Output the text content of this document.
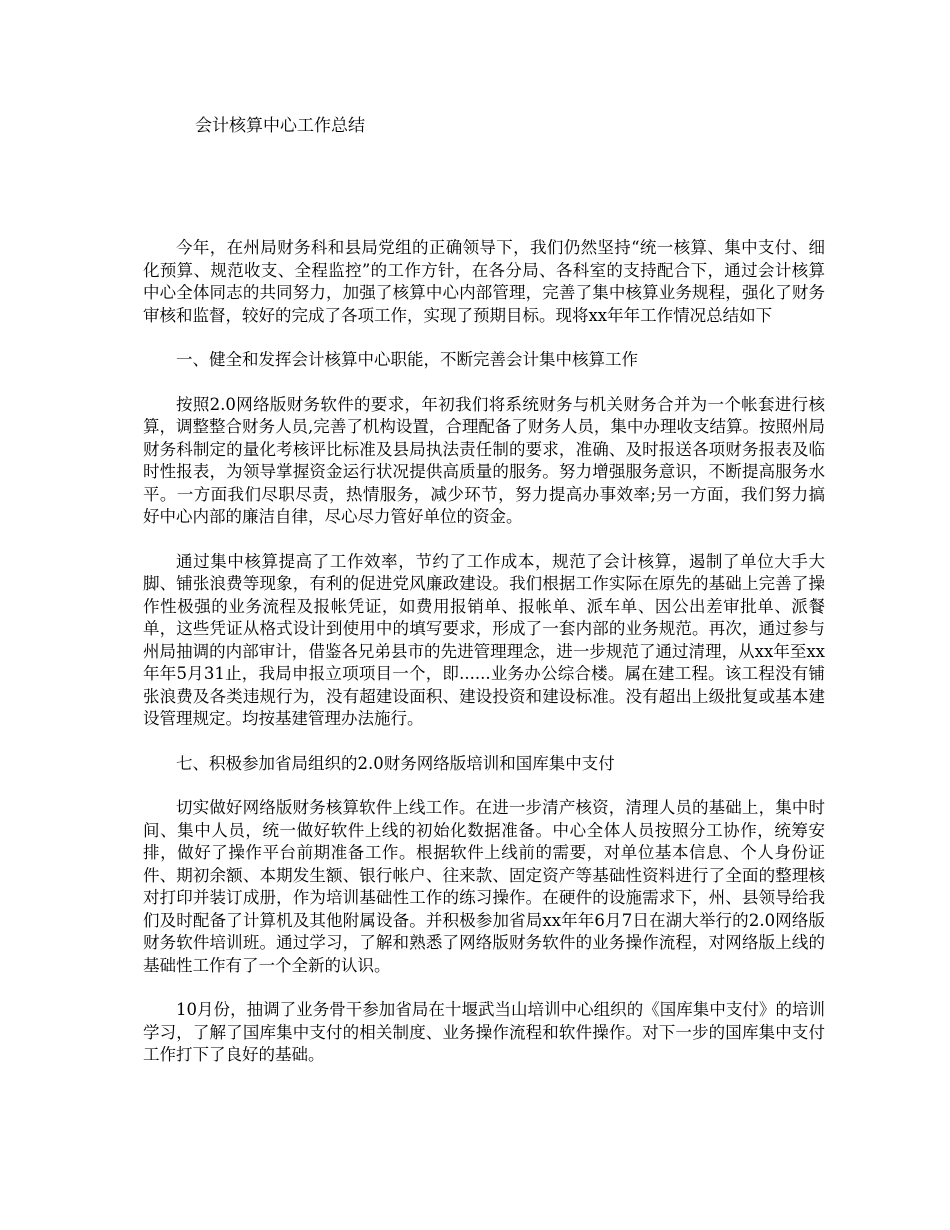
会计核算中心工作总结

今年，在州局财务科和县局党组的正确领导下，我们仍然坚持“统一核算、集中支付、细化预算、规范收支、全程监控”的工作方针，在各分局、各科室的支持配合下，通过会计核算中心全体同志的共同努力，加强了核算中心内部管理，完善了集中核算业务规程，强化了财务审核和监督，较好的完成了各项工作，实现了预期目标。现将xx年年工作情况总结如下

一、健全和发挥会计核算中心职能，不断完善会计集中核算工作

按照2.0网络版财务软件的要求，年初我们将系统财务与机关财务合并为一个帐套进行核算，调整整合财务人员,完善了机构设置，合理配备了财务人员，集中办理收支结算。按照州局财务科制定的量化考核评比标准及县局执法责任制的要求，准确、及时报送各项财务报表及临时性报表，为领导掌握资金运行状况提供高质量的服务。努力增强服务意识，不断提高服务水平。一方面我们尽职尽责，热情服务，减少环节，努力提高办事效率;另一方面，我们努力搞好中心内部的廉洁自律，尽心尽力管好单位的资金。

通过集中核算提高了工作效率，节约了工作成本，规范了会计核算，遏制了单位大手大脚、铺张浪费等现象，有利的促进党风廉政建设。我们根据工作实际在原先的基础上完善了操作性极强的业务流程及报帐凭证，如费用报销单、报帐单、派车单、因公出差审批单、派餐单，这些凭证从格式设计到使用中的填写要求，形成了一套内部的业务规范。再次，通过参与州局抽调的内部审计，借鉴各兄弟县市的先进管理理念，进一步规范了通过清理，从xx年至xx年年5月31止，我局申报立项项目一个，即......业务办公综合楼。属在建工程。该工程没有铺张浪费及各类违规行为，没有超建设面积、建设投资和建设标准。没有超出上级批复或基本建设管理规定。均按基建管理办法施行。

七、积极参加省局组织的2.0财务网络版培训和国库集中支付

切实做好网络版财务核算软件上线工作。在进一步清产核资，清理人员的基础上，集中时间、集中人员，统一做好软件上线的初始化数据准备。中心全体人员按照分工协作，统筹安排，做好了操作平台前期准备工作。根据软件上线前的需要，对单位基本信息、个人身份证件、期初余额、本期发生额、银行帐户、往来款、固定资产等基础性资料进行了全面的整理核对打印并装订成册，作为培训基础性工作的练习操作。在硬件的设施需求下，州、县领导给我们及时配备了计算机及其他附属设备。并积极参加省局xx年年6月7日在湖大举行的2.0网络版财务软件培训班。通过学习，了解和熟悉了网络版财务软件的业务操作流程，对网络版上线的基础性工作有了一个全新的认识。

10月份，抽调了业务骨干参加省局在十堰武当山培训中心组织的《国库集中支付》的培训学习，了解了国库集中支付的相关制度、业务操作流程和软件操作。对下一步的国库集中支付工作打下了良好的基础。
